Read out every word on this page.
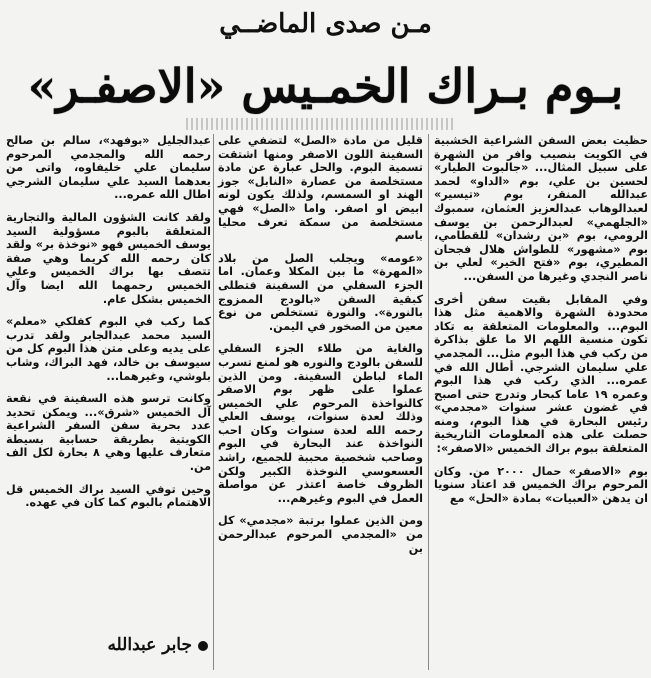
مـن صدى الماضــي
بـوم بـراك الخمـيس «الاصفـر»

حظيت بعض السفن الشراعية الخشبية في الكويت بنصيب وافر من الشهرة على سبيل المثال... «جالبوت الطيار» لحسين بن علي، بوم «الداو» لحمد عبدالله المنقر، بوم «تيسير» لعبدالوهاب عبدالعزيز العثمان، سمبوك «الجلهمي» لعبدالرحمن بن يوسف الرومي، بوم «بن رشدان» للقطامي، بوم «مشهور» للطواش هلال فجحان المطيري، بوم «فتح الخير» لعلي بن ناصر النجدي وغيرها من السفن...

وفي المقابل بقيت سفن أخرى محدودة الشهرة والاهمية مثل هذا البوم... والمعلومات المتعلقة به تكاد تكون منسية اللهم الا ما علق بذاكرة من ركب في هذا البوم مثل... المجدمي علي سليمان الشرجي. أطال الله في عمره... الذي ركب في هذا البوم وعمره ١٩ عاما كبحار وتدرج حتى اصبح في غضون عشر سنوات «مجدمي» رئيس البحارة في هذا البوم، ومنه حصلت على هذه المعلومات التاريخية المتعلقة ببوم براك الخميس «الاصفر»:

بوم «الاصفر» حمال ٢٠٠٠ من. وكان المرحوم براك الخميس قد اعتاد سنويا ان يدهن «العبيات» بمادة «الحل» مع

قليل من مادة «الصل» لتضفي على السفينة اللون الاصفر ومنها اشتقت تسمية البوم. والحل عبارة عن مادة مستخلصة من عصارة «النابل» جوز الهند او السمسم، ولذلك يكون لونه ابيض او اصفر. واما «الصل» فهي مستخلصة من سمكة تعرف محليا باسم

«عومه» ويجلب الصل من بلاد «المهرة» ما بين المكلا وعمان. اما الجزء السفلي من السفينة فتطلى كبقية السفن «بالودج الممزوج بالنورة». والنورة تستخلص من نوع معين من الصخور في اليمن.

والغاية من طلاء الجزء السفلي للسفن بالودج والنوره هو لمنع تسرب الماء لباطن السفينة. ومن الذين عملوا على ظهر بوم الاصفر كالنواخذة المرحوم علي الخميس وذلك لعدة سنوات، يوسف العلي رحمه الله لعدة سنوات وكان احب النواخذة عند البحارة في البوم وصاحب شخصية محببة للجميع، راشد العسعوسي النوخذة الكبير ولكن الظروف خاصة اعتذر عن مواصلة العمل في البوم وغيرهم...

ومن الذين عملوا برتبة «مجدمي» كل من «المجدمي المرحوم عبدالرحمن بن

عبدالجليل «بوفهد»، سالم بن صالح رحمه الله والمجدمي المرحوم سليمان علي خليفاوه، واتى من بعدهما السيد علي سليمان الشرجي اطال الله عمره...

ولقد كانت الشؤون المالية والتجارية المتعلقة بالبوم مسؤولية السيد يوسف الخميس فهو «نوخذة بر» ولقد كان رحمه الله كريما وهي صفة تتصف بها براك الخميس وعلي الخميس رحمهما الله ايضا وآل الخميس بشكل عام.

كما ركب في البوم كفلكي «معلم» السيد محمد عبدالجابر ولقد تدرب على يديه وعلى متن هذا البوم كل من سيوسف بن خالد، فهد البراك، وشاب بلوشي، وغيرهما...

وكانت ترسو هذه السفينة في نقعة آل الخميس «شرق»... ويمكن تحديد عدد بحرية سفن السفر الشراعية الكويتية بطريقة حسابية بسيطة متعارف عليها وهي ٨ بحارة لكل الف من.

وحين توفي السيد براك الخميس قل الاهتمام بالبوم كما كان في عهده.

جابر عبدالله
